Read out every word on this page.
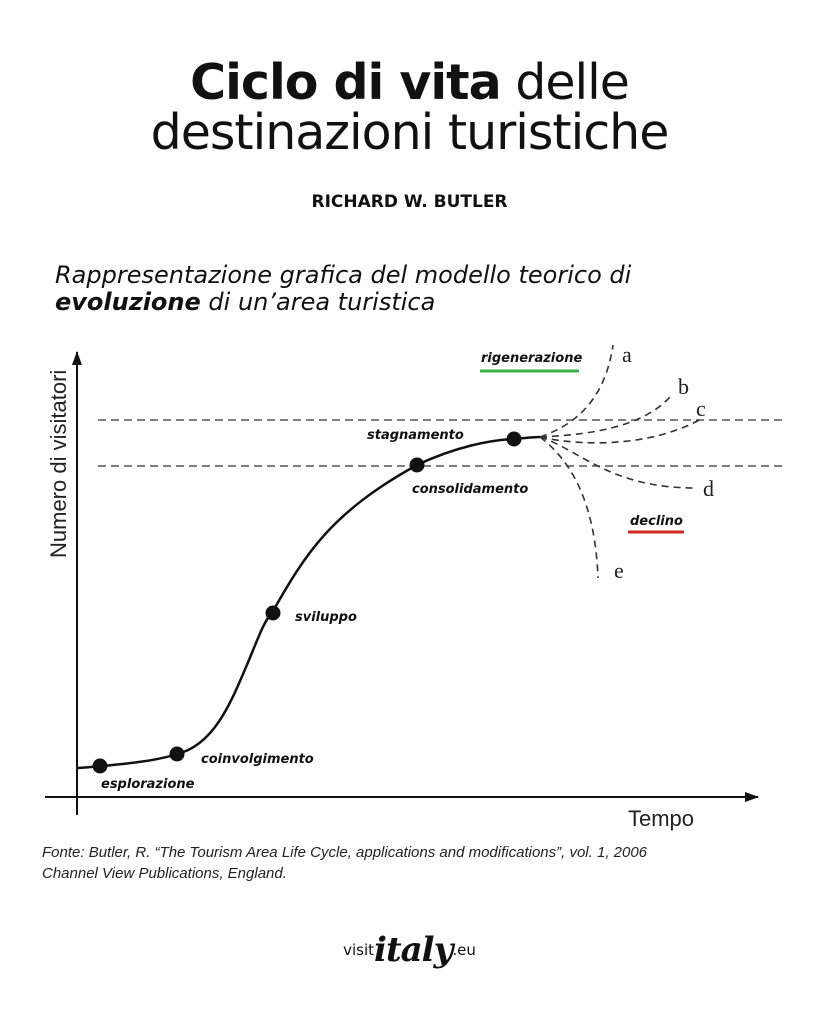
Ciclo di vita delle
destinazioni turistiche
RICHARD W. BUTLER
Rappresentazione grafica del modello teorico di
evoluzione di un’area turistica
Numero di visitatori
Tempo
a
b
c
d
e
esplorazione
coinvolgimento
sviluppo
consolidamento
stagnamento
rigenerazione
declino
Fonte: Butler, R. “The Tourism Area Life Cycle, applications and modifications”, vol. 1, 2006
Channel View Publications, England.
visititaly.eu
